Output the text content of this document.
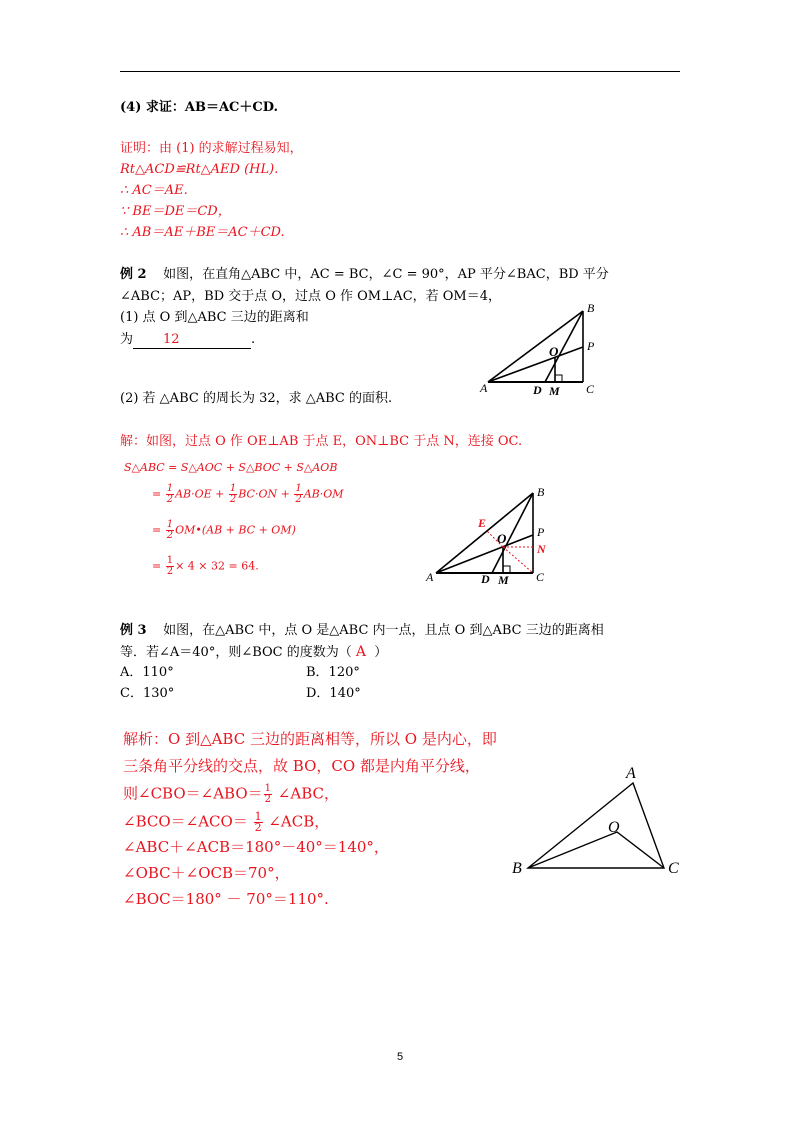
(4) 求证：AB＝AC＋CD.
证明：由 (1) 的求解过程易知，
Rt△ACD≌Rt△AED (HL).
∴ AC＝AE.
∵ BE＝DE＝CD，
∴ AB＝AE＋BE＝AC＋CD.
例 2 如图，在直角△ABC 中，AC = BC，∠C = 90°，AP 平分∠BAC，BD 平分
∠ABC；AP，BD 交于点 O，过点 O 作 OM⊥AC，若 OM＝4，
(1) 点 O 到△ABC 三边的距离和
为 12	.
B
P
O
A	D M C
(2) 若 △ABC 的周长为 32，求 △ABC 的面积.
解：如图，过点 O 作 OE⊥AB 于点 E，ON⊥BC 于点 N，连接 OC.
S△ABC = S△AOC + S△BOC + S△AOB
= $\frac{1}{2} AB\cdot OE + \frac{1}{2} BC\cdot ON + \frac{1}{2} AB\cdot OM$
= $\frac{1}{2}$ OM•(AB + BC + OM)
= $\frac{1}{2} \times 4 \times 32 = 64$.
B
E
P
O
N
A	D M C
例 3 如图，在△ABC 中，点 O 是△ABC 内一点，且点 O 到△ABC 三边的距离相
等．若∠A＝40°，则∠BOC 的度数为（ A ）
A．110°	B．120°
C．130°	D．140°
解析：O 到△ABC 三边的距离相等，所以 O 是内心，即
三条角平分线的交点，故 BO，CO 都是内角平分线，
则∠CBO＝∠ABO＝ $\frac{1}{2}$ ∠ABC，
∠BCO＝∠ACO＝ $\frac{1}{2}$ ∠ACB，
∠ABC＋∠ACB＝180°－40°＝140°，
∠OBC＋∠OCB＝70°，
∠BOC＝180° － 70°＝110°.
A
O
B	C
5
